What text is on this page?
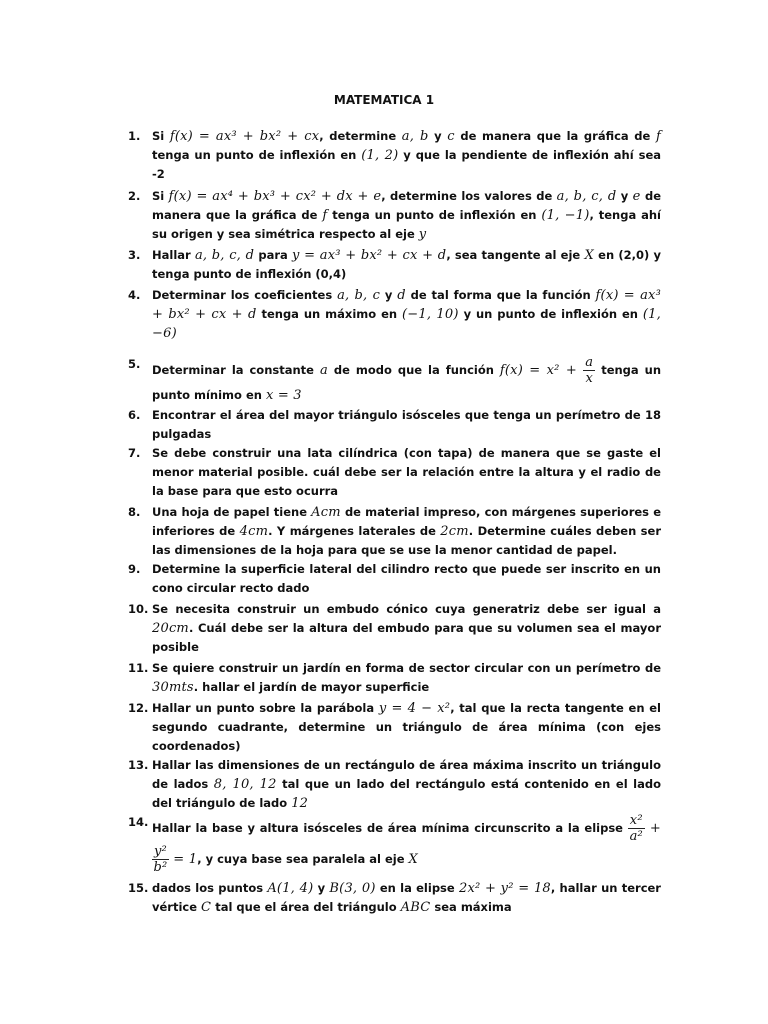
MATEMATICA 1
1. Si f(x) = ax³ + bx² + cx, determine a, b y c de manera que la gráfica de f tenga un punto de inflexión en (1, 2) y que la pendiente de inflexión ahí sea -2
2. Si f(x) = ax⁴ + bx³ + cx² + dx + e, determine los valores de a, b, c, d y e de manera que la gráfica de f tenga un punto de inflexión en (1, −1), tenga ahí su origen y sea simétrica respecto al eje y
3. Hallar a, b, c, d para y = ax³ + bx² + cx + d, sea tangente al eje X en (2,0) y tenga punto de inflexión (0,4)
4. Determinar los coeficientes a, b, c y d de tal forma que la función f(x) = ax³ + bx² + cx + d tenga un máximo en (−1, 10) y un punto de inflexión en (1, −6)
5. Determinar la constante a de modo que la función $f(x) = x^2 + \frac{a}{x}$ tenga un punto mínimo en x = 3
6. Encontrar el área del mayor triángulo isósceles que tenga un perímetro de 18 pulgadas
7. Se debe construir una lata cilíndrica (con tapa) de manera que se gaste el menor material posible. cuál debe ser la relación entre la altura y el radio de la base para que esto ocurra
8. Una hoja de papel tiene Acm de material impreso, con márgenes superiores e inferiores de 4cm. Y márgenes laterales de 2cm. Determine cuáles deben ser las dimensiones de la hoja para que se use la menor cantidad de papel.
9. Determine la superficie lateral del cilindro recto que puede ser inscrito en un cono circular recto dado
10. Se necesita construir un embudo cónico cuya generatriz debe ser igual a 20cm. Cuál debe ser la altura del embudo para que su volumen sea el mayor posible
11. Se quiere construir un jardín en forma de sector circular con un perímetro de 30mts. hallar el jardín de mayor superficie
12. Hallar un punto sobre la parábola y = 4 − x², tal que la recta tangente en el segundo cuadrante, determine un triángulo de área mínima (con ejes coordenados)
13. Hallar las dimensiones de un rectángulo de área máxima inscrito un triángulo de lados 8, 10, 12 tal que un lado del rectángulo está contenido en el lado del triángulo de lado 12
14. Hallar la base y altura isósceles de área mínima circunscrito a la elipse $\frac{\text{x²}}{\text{a²}}$ +
$\frac{\text{y²}}{\text{b²}} = 1$, y cuya base sea paralela al eje X
15. dados los puntos A(1, 4) y B(3, 0) en la elipse 2x² + y² = 18, hallar un tercer vértice C tal que el área del triángulo ABC sea máxima
